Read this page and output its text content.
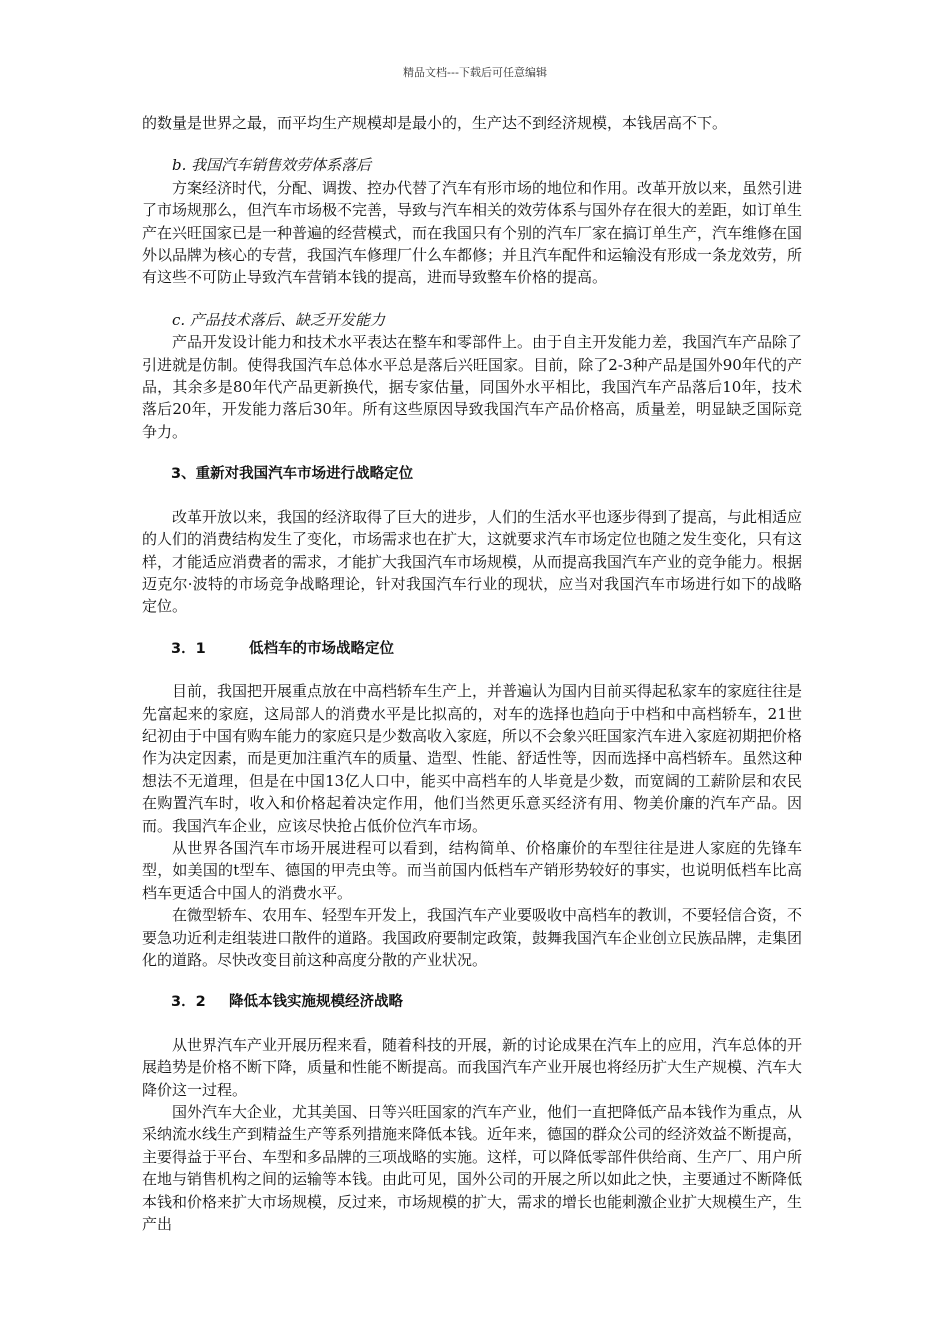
精品文档---下载后可任意编辑

的数量是世界之最，而平均生产规模却是最小的，生产达不到经济规模，本钱居高不下。

b. 我国汽车销售效劳体系落后

方案经济时代，分配、调拨、控办代替了汽车有形市场的地位和作用。改革开放以来，虽然引进了市场规那么，但汽车市场极不完善，导致与汽车相关的效劳体系与国外存在很大的差距，如订单生产在兴旺国家已是一种普遍的经营模式，而在我国只有个别的汽车厂家在搞订单生产，汽车维修在国外以品牌为核心的专营，我国汽车修理厂什么车都修；并且汽车配件和运输没有形成一条龙效劳，所有这些不可防止导致汽车营销本钱的提高，进而导致整车价格的提高。

c. 产品技术落后、缺乏开发能力

产品开发设计能力和技术水平表达在整车和零部件上。由于自主开发能力差，我国汽车产品除了引进就是仿制。使得我国汽车总体水平总是落后兴旺国家。目前，除了2-3种产品是国外90年代的产品，其余多是80年代产品更新换代，据专家估量，同国外水平相比，我国汽车产品落后10年，技术落后20年，开发能力落后30年。所有这些原因导致我国汽车产品价格高，质量差，明显缺乏国际竞争力。

3、重新对我国汽车市场进行战略定位

改革开放以来，我国的经济取得了巨大的进步，人们的生活水平也逐步得到了提高，与此相适应的人们的消费结构发生了变化，市场需求也在扩大，这就要求汽车市场定位也随之发生变化，只有这样，才能适应消费者的需求，才能扩大我国汽车市场规模，从而提高我国汽车产业的竞争能力。根据迈克尔·波特的市场竞争战略理论，针对我国汽车行业的现状，应当对我国汽车市场进行如下的战略定位。

3．1	低档车的市场战略定位

目前，我国把开展重点放在中高档轿车生产上，并普遍认为国内目前买得起私家车的家庭往往是先富起来的家庭，这局部人的消费水平是比拟高的，对车的选择也趋向于中档和中高档轿车，21世纪初由于中国有购车能力的家庭只是少数高收入家庭，所以不会象兴旺国家汽车进入家庭初期把价格作为决定因素，而是更加注重汽车的质量、造型、性能、舒适性等，因而选择中高档轿车。虽然这种想法不无道理，但是在中国13亿人口中，能买中高档车的人毕竟是少数，而宽阔的工薪阶层和农民在购置汽车时，收入和价格起着决定作用，他们当然更乐意买经济有用、物美价廉的汽车产品。因而。我国汽车企业，应该尽快抢占低价位汽车市场。

从世界各国汽车市场开展进程可以看到，结构简单、价格廉价的车型往往是进人家庭的先锋车型，如美国的t型车、德国的甲壳虫等。而当前国内低档车产销形势较好的事实，也说明低档车比高档车更适合中国人的消费水平。

在微型轿车、农用车、轻型车开发上，我国汽车产业要吸收中高档车的教训，不要轻信合资，不要急功近利走组装进口散件的道路。我国政府要制定政策，鼓舞我国汽车企业创立民族品牌，走集团化的道路。尽快改变目前这种高度分散的产业状况。

3．2 降低本钱实施规模经济战略

从世界汽车产业开展历程来看，随着科技的开展，新的讨论成果在汽车上的应用，汽车总体的开展趋势是价格不断下降，质量和性能不断提高。而我国汽车产业开展也将经历扩大生产规模、汽车大降价这一过程。

国外汽车大企业，尤其美国、日等兴旺国家的汽车产业，他们一直把降低产品本钱作为重点，从采纳流水线生产到精益生产等系列措施来降低本钱。近年来，德国的群众公司的经济效益不断提高，主要得益于平台、车型和多品牌的三项战略的实施。这样，可以降低零部件供给商、生产厂、用户所在地与销售机构之间的运输等本钱。由此可见，国外公司的开展之所以如此之快，主要通过不断降低本钱和价格来扩大市场规模，反过来，市场规模的扩大，需求的增长也能刺激企业扩大规模生产，生产出
